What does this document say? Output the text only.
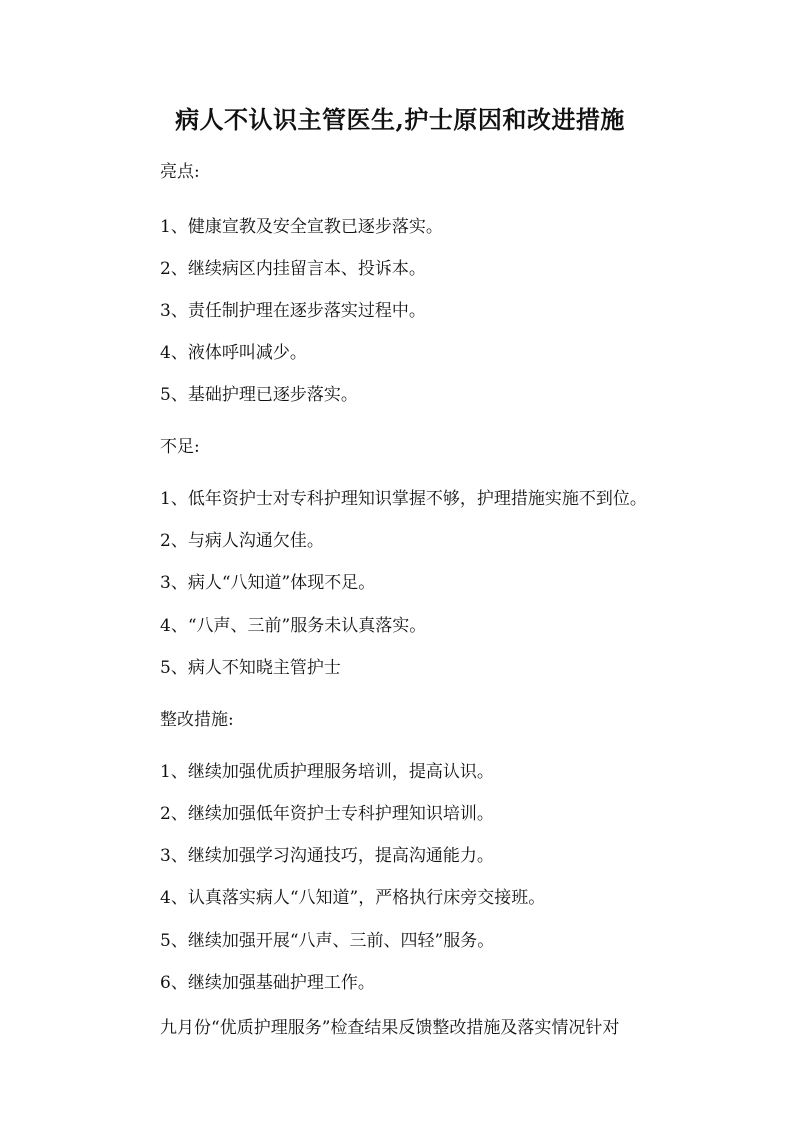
病人不认识主管医生,护士原因和改进措施
亮点:
1、健康宣教及安全宣教已逐步落实。
2、继续病区内挂留言本、投诉本。
3、责任制护理在逐步落实过程中。
4、液体呼叫减少。
5、基础护理已逐步落实。
不足:
1、低年资护士对专科护理知识掌握不够，护理措施实施不到位。
2、与病人沟通欠佳。
3、病人“八知道”体现不足。
4、“八声、三前”服务未认真落实。
5、病人不知晓主管护士
整改措施:
1、继续加强优质护理服务培训，提高认识。
2、继续加强低年资护士专科护理知识培训。
3、继续加强学习沟通技巧，提高沟通能力。
4、认真落实病人“八知道”，严格执行床旁交接班。
5、继续加强开展“八声、三前、四轻”服务。
6、继续加强基础护理工作。
九月份“优质护理服务”检查结果反馈整改措施及落实情况针对
